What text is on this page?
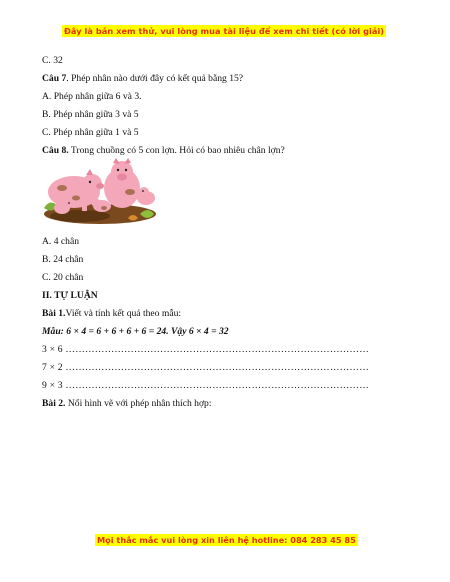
Đây là bản xem thử, vui lòng mua tài liệu để xem chi tiết (có lời giải)
C. 32
Câu 7. Phép nhân nào dưới đây có kết quả bằng 15?
A. Phép nhân giữa 6 và 3.
B. Phép nhân giữa 3 và 5
C. Phép nhân giữa 1 và 5
Câu 8. Trong chuồng có 5 con lợn. Hỏi có bao nhiêu chân lợn?
A. 4 chân
B. 24 chân
C. 20 chân
II. TỰ LUẬN
Bài 1.Viết và tính kết quả theo mẫu:
Mẫu: 6 × 4 = 6 + 6 + 6 + 6 = 24. Vậy 6 × 4 = 32
3 × 6 …………………………………………………………………………………
7 × 2 …………………………………………………………………………………
9 × 3 …………………………………………………………………………………
Bài 2. Nối hình vẽ với phép nhân thích hợp:
Mọi thắc mắc vui lòng xin liên hệ hotline: 084 283 45 85
